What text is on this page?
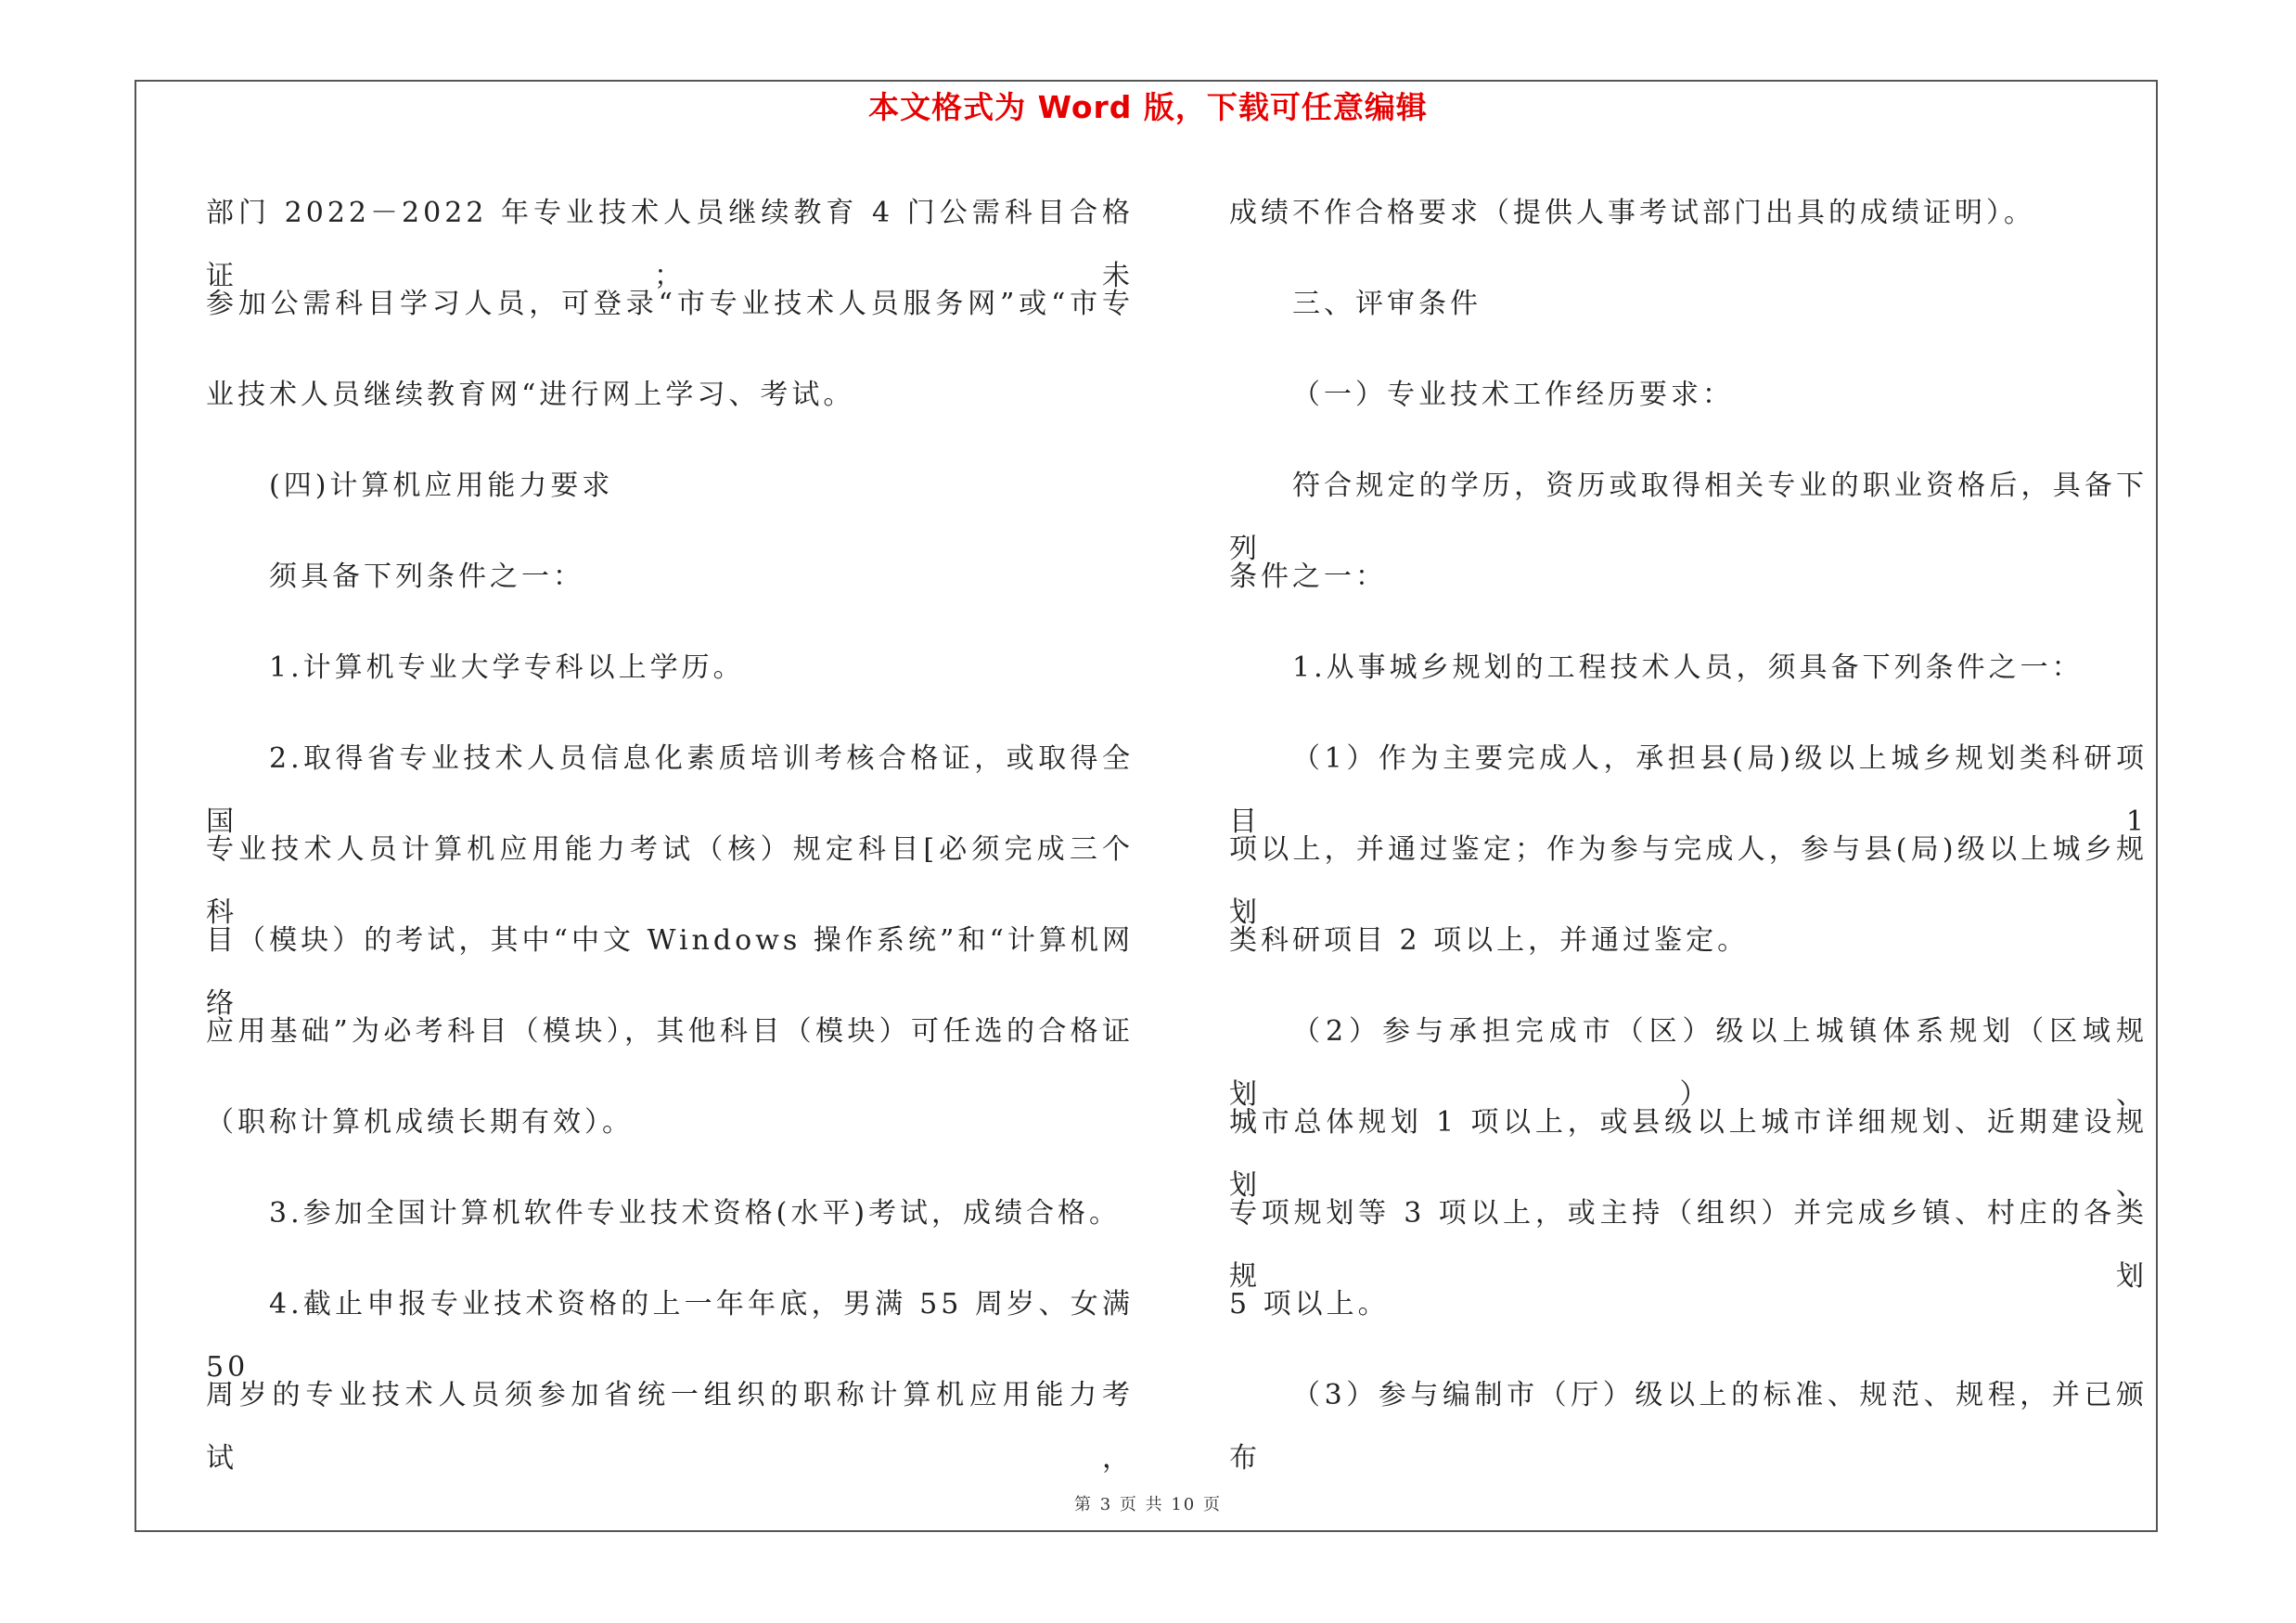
本文格式为 Word 版，下载可任意编辑
部门 2022－2022 年专业技术人员继续教育 4 门公需科目合格证；未
参加公需科目学习人员，可登录“市专业技术人员服务网”或“市专
业技术人员继续教育网“进行网上学习、考试。
(四)计算机应用能力要求
须具备下列条件之一：
1.计算机专业大学专科以上学历。
2.取得省专业技术人员信息化素质培训考核合格证，或取得全国
专业技术人员计算机应用能力考试（核）规定科目[必须完成三个科
目（模块）的考试，其中“中文 Windows 操作系统”和“计算机网络
应用基础”为必考科目（模块），其他科目（模块）可任选的合格证
（职称计算机成绩长期有效）。
3.参加全国计算机软件专业技术资格(水平)考试，成绩合格。
4.截止申报专业技术资格的上一年年底，男满 55 周岁、女满 50
周岁的专业技术人员须参加省统一组织的职称计算机应用能力考试，
成绩不作合格要求（提供人事考试部门出具的成绩证明）。
三、评审条件
（一）专业技术工作经历要求：
符合规定的学历，资历或取得相关专业的职业资格后，具备下列
条件之一：
1.从事城乡规划的工程技术人员，须具备下列条件之一：
（1）作为主要完成人，承担县(局)级以上城乡规划类科研项目 1
项以上，并通过鉴定；作为参与完成人，参与县(局)级以上城乡规划
类科研项目 2 项以上，并通过鉴定。
（2）参与承担完成市（区）级以上城镇体系规划（区域规划）、
城市总体规划 1 项以上，或县级以上城市详细规划、近期建设规划、
专项规划等 3 项以上，或主持（组织）并完成乡镇、村庄的各类规划
5 项以上。
（3）参与编制市（厅）级以上的标准、规范、规程，并已颁布
第 3 页 共 10 页
